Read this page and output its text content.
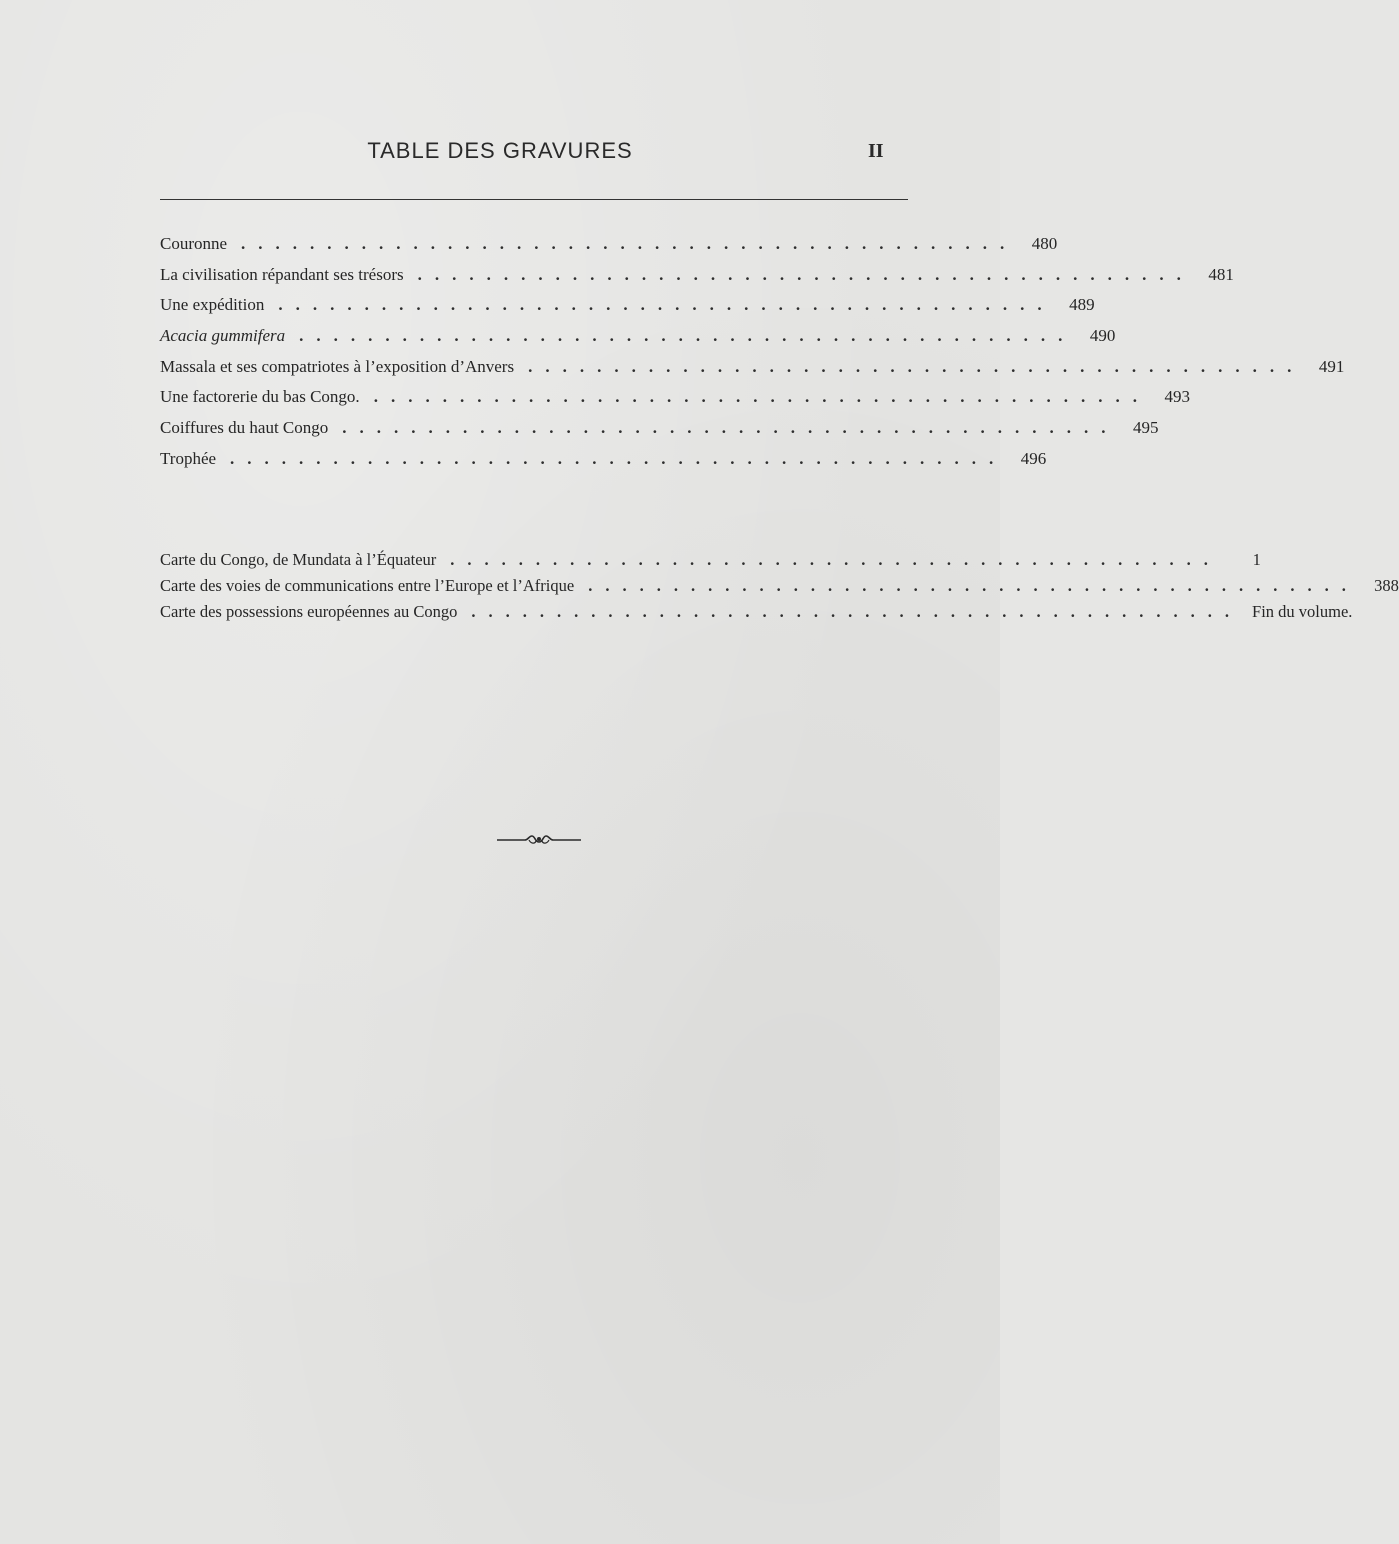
TABLE DES GRAVURES	II
Couronne ............................................. 480
La civilisation répandant ses trésors ............................................. 481
Une expédition ............................................. 489
Acacia gummifera ............................................. 490
Massala et ses compatriotes à l’exposition d’Anvers ............................................. 491
Une factorerie du bas Congo. ............................................. 493
Coiffures du haut Congo ............................................. 495
Trophée ............................................. 496
Carte du Congo, de Mundata à l’Équateur .............................................	1
Carte des voies de communications entre l’Europe et l’Afrique ............................................. 388
Carte des possessions européennes au Congo ............................................. Fin du volume.
